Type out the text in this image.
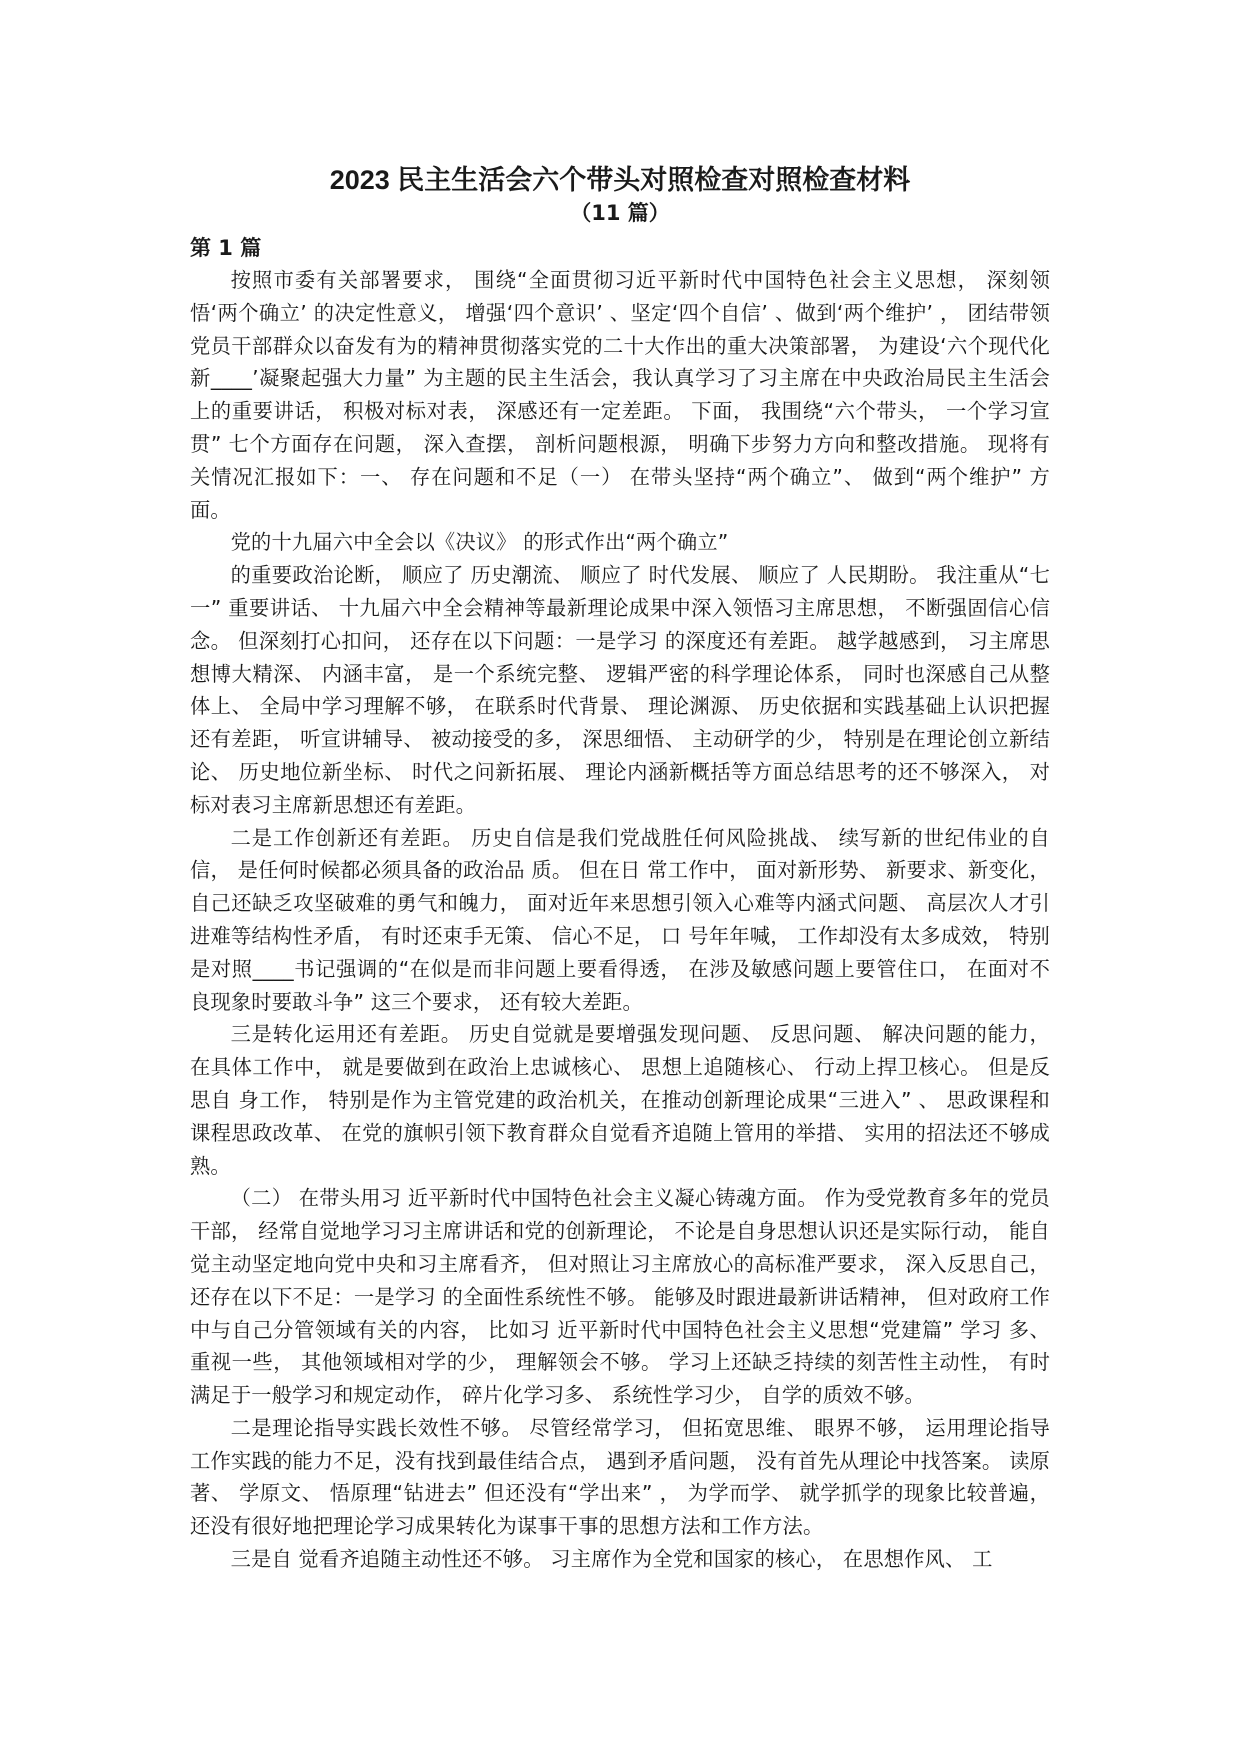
2023 民主生活会六个带头对照检查对照检查材料
（11 篇）
第 1 篇

按照市委有关部署要求， 围绕“全面贯彻习近平新时代中国特色社会主义思想， 深刻领悟‘两个确立’ 的决定性意义， 增强‘四个意识’ 、坚定‘四个自信’ 、做到‘两个维护’ ， 团结带领党员干部群众以奋发有为的精神贯彻落实党的二十大作出的重大决策部署， 为建设‘六个现代化新____’凝聚起强大力量” 为主题的民主生活会，我认真学习了习主席在中央政治局民主生活会上的重要讲话， 积极对标对表， 深感还有一定差距。 下面， 我围绕“六个带头， 一个学习宣贯” 七个方面存在问题， 深入查摆， 剖析问题根源， 明确下步努力方向和整改措施。 现将有关情况汇报如下：一、 存在问题和不足（一） 在带头坚持“两个确立”、 做到“两个维护” 方面。

党的十九届六中全会以《决议》 的形式作出“两个确立”

的重要政治论断， 顺应了 历史潮流、 顺应了 时代发展、 顺应了 人民期盼。 我注重从“七一” 重要讲话、 十九届六中全会精神等最新理论成果中深入领悟习主席思想， 不断强固信心信念。 但深刻打心扣问， 还存在以下问题：一是学习 的深度还有差距。 越学越感到， 习主席思想博大精深、 内涵丰富， 是一个系统完整、 逻辑严密的科学理论体系， 同时也深感自己从整体上、 全局中学习理解不够， 在联系时代背景、 理论渊源、 历史依据和实践基础上认识把握还有差距， 听宣讲辅导、 被动接受的多， 深思细悟、 主动研学的少， 特别是在理论创立新结论、 历史地位新坐标、 时代之问新拓展、 理论内涵新概括等方面总结思考的还不够深入， 对标对表习主席新思想还有差距。

二是工作创新还有差距。 历史自信是我们党战胜任何风险挑战、 续写新的世纪伟业的自信， 是任何时候都必须具备的政治品 质。 但在日 常工作中， 面对新形势、 新要求、新变化， 自己还缺乏攻坚破难的勇气和魄力， 面对近年来思想引领入心难等内涵式问题、 高层次人才引进难等结构性矛盾， 有时还束手无策、 信心不足， 口 号年年喊， 工作却没有太多成效， 特别是对照____书记强调的“在似是而非问题上要看得透， 在涉及敏感问题上要管住口， 在面对不良现象时要敢斗争” 这三个要求， 还有较大差距。

三是转化运用还有差距。 历史自觉就是要增强发现问题、 反思问题、 解决问题的能力， 在具体工作中， 就是要做到在政治上忠诚核心、 思想上追随核心、 行动上捍卫核心。 但是反思自 身工作， 特别是作为主管党建的政治机关，在推动创新理论成果“三进入” 、 思政课程和课程思政改革、 在党的旗帜引领下教育群众自觉看齐追随上管用的举措、 实用的招法还不够成熟。

（二） 在带头用习 近平新时代中国特色社会主义凝心铸魂方面。 作为受党教育多年的党员干部， 经常自觉地学习习主席讲话和党的创新理论， 不论是自身思想认识还是实际行动， 能自觉主动坚定地向党中央和习主席看齐， 但对照让习主席放心的高标准严要求， 深入反思自己， 还存在以下不足：一是学习 的全面性系统性不够。 能够及时跟进最新讲话精神， 但对政府工作中与自己分管领域有关的内容， 比如习 近平新时代中国特色社会主义思想“党建篇” 学习 多、重视一些， 其他领域相对学的少， 理解领会不够。 学习上还缺乏持续的刻苦性主动性， 有时满足于一般学习和规定动作， 碎片化学习多、 系统性学习少， 自学的质效不够。

二是理论指导实践长效性不够。 尽管经常学习， 但拓宽思维、 眼界不够， 运用理论指导工作实践的能力不足，没有找到最佳结合点， 遇到矛盾问题， 没有首先从理论中找答案。 读原著、 学原文、 悟原理“钻进去” 但还没有“学出来” ， 为学而学、 就学抓学的现象比较普遍， 还没有很好地把理论学习成果转化为谋事干事的思想方法和工作方法。

三是自 觉看齐追随主动性还不够。 习主席作为全党和国家的核心， 在思想作风、 工
